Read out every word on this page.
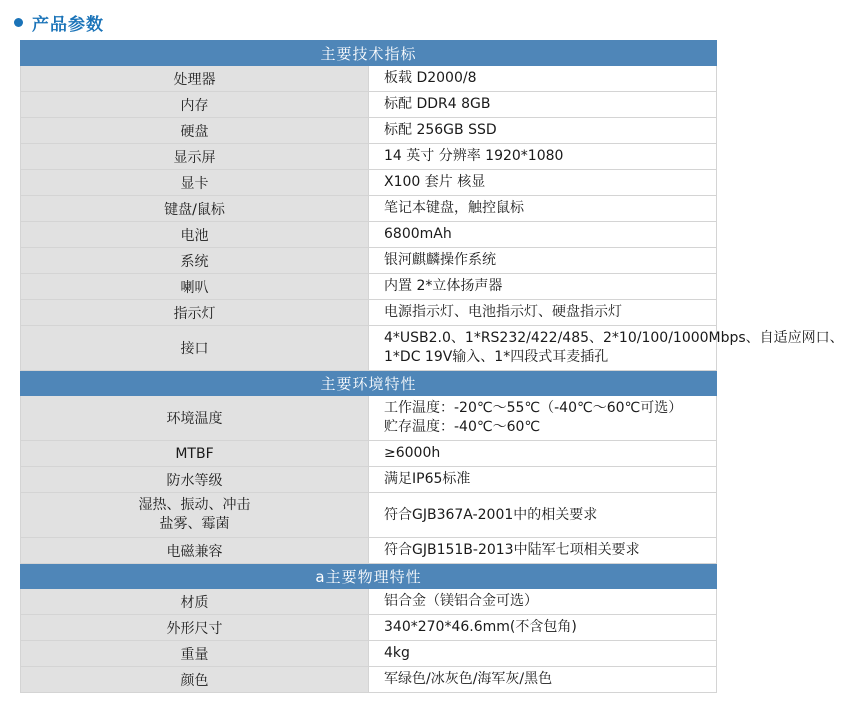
产品参数
主要技术指标	
处理器	板载 D2000/8
内存	标配 DDR4 8GB
硬盘	标配 256GB SSD
显示屏	14 英寸 分辨率 1920*1080
显卡	X100 套片 核显
键盘/鼠标	笔记本键盘，触控鼠标
电池	6800mAh
系统	银河麒麟操作系统
喇叭	内置 2*立体扬声器
指示灯	电源指示灯、电池指示灯、硬盘指示灯
接口	4*USB2.0、1*RS232/422/485、2*10/100/1000Mbps、自适应网口、
1*DC 19V输入、1*四段式耳麦插孔

主要环境特性	
环境温度	工作温度：-20℃～55℃（-40℃～60℃可选）
贮存温度：-40℃～60℃

MTBF	≥6000h
防水等级	满足IP65标准

湿热、振动、冲击
盐雾、霉菌	符合GJB367A-2001中的相关要求
电磁兼容	符合GJB151B-2013中陆军七项相关要求
a主要物理特性	
材质	铝合金（镁铝合金可选）
外形尺寸	340*270*46.6mm(不含包角)
重量	4kg
颜色	军绿色/冰灰色/海军灰/黑色
